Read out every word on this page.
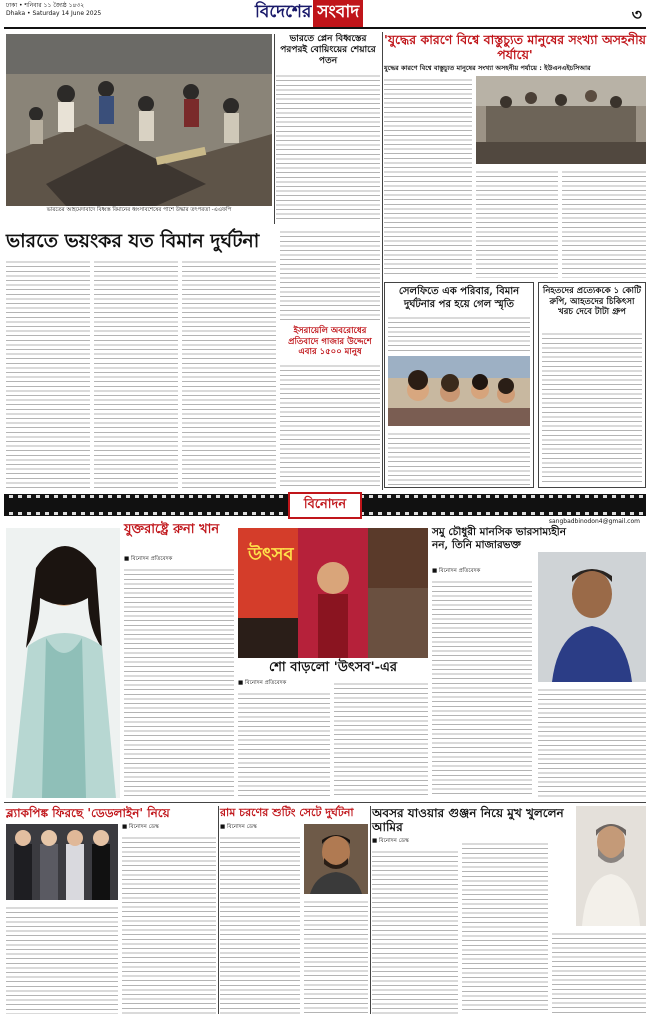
ঢাকা • শনিবার ১১ জ্যৈষ্ঠ ১৪৩২
Dhaka • Saturday 14 June 2025	বিদেশের সংবাদ	৩
ভারতের আহমেদাবাদে বিধ্বস্ত বিমানের ধ্বংসাবশেষের পাশে উদ্ধার তৎপরতা -এএফপি
ভারতে প্লেন বিধ্বস্তের পরপরই বোয়িংয়ের শেয়ারে পতন
'যুদ্ধের কারণে বিশ্বে বাস্তুচ্যুত মানুষের সংখ্যা অসহনীয় পর্যায়ে'
যুদ্ধের কারণে বিশ্বে বাস্তুচ্যুত মানুষের সংখ্যা অসহনীয় পর্যায়ে : ইউএনএইচসিআর
ভারতে ভয়ংকর যত বিমান দুর্ঘটনা
ইসরায়েলি অবরোধের প্রতিবাদে গাজার উদ্দেশে এবার ১৫০০ মানুষ
সেলফিতে এক পরিবার, বিমান দুর্ঘটনার পর হয়ে গেল স্মৃতি
নিহতদের প্রত্যেককে ১ কোটি রুপি, আহতদের চিকিৎসা খরচ দেবে টাটা গ্রুপ
বিনোদন
sangbadbinodon4@gmail.com
যুক্তরাষ্ট্রে রুনা খান
■ বিনোদন প্রতিবেদক	উৎসব
শো বাড়লো 'উৎসব'-এর
■ বিনোদন প্রতিবেদক
সমু চৌধুরী মানসিক ভারসাম্যহীন নন, তিনি মাজারভক্ত
■ বিনোদন প্রতিবেদক
ব্ল্যাকপিঙ্ক ফিরছে 'ডেডলাইন' নিয়ে
■ বিনোদন ডেস্ক
রাম চরণের শুটিং সেটে দুর্ঘটনা
■ বিনোদন ডেস্ক
অবসর যাওয়ার গুঞ্জন নিয়ে মুখ খুললেন আমির
■ বিনোদন ডেস্ক
